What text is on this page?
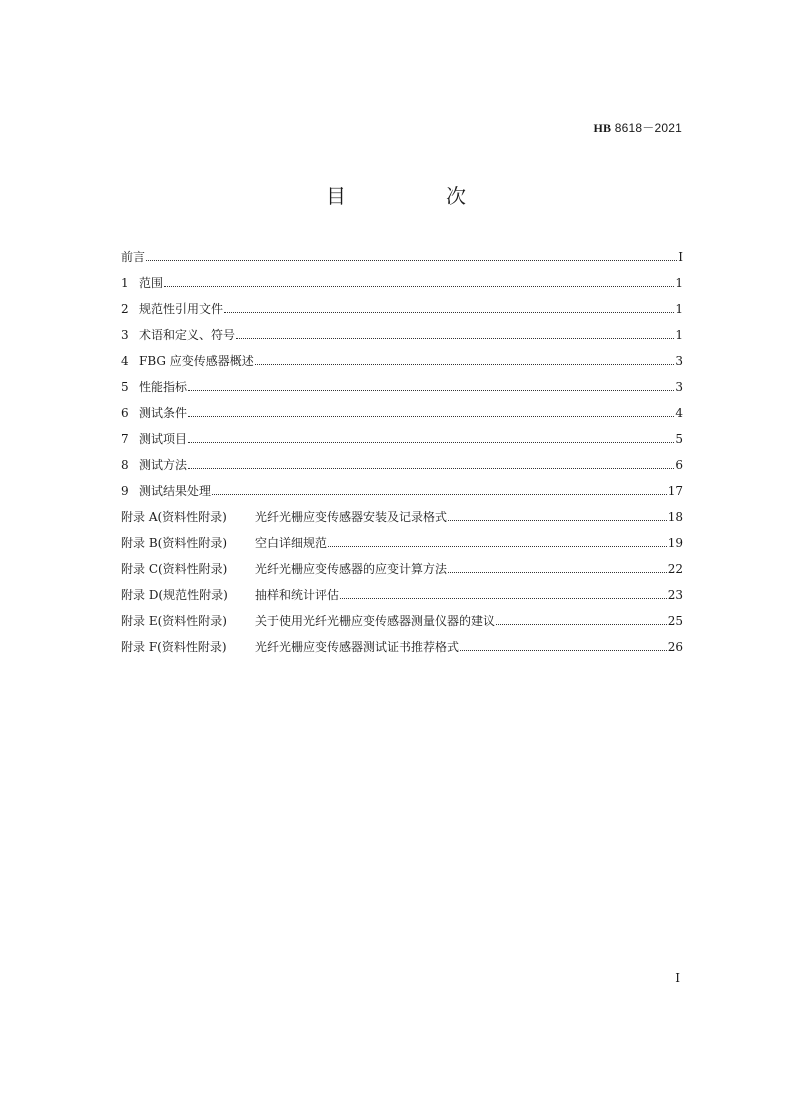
HB 8618－2021
目　次
前言	I
1 范围	1
2 规范性引用文件	1
3 术语和定义、符号	1
4 FBG 应变传感器概述	3
5 性能指标	3
6 测试条件	4
7 测试项目	5
8 测试方法	6
9 测试结果处理	17
附录 A(资料性附录) 光纤光栅应变传感器安装及记录格式	18
附录 B(资料性附录) 空白详细规范	19
附录 C(资料性附录) 光纤光栅应变传感器的应变计算方法	22
附录 D(规范性附录) 抽样和统计评估	23
附录 E(资料性附录) 关于使用光纤光栅应变传感器测量仪器的建议	25
附录 F(资料性附录) 光纤光栅应变传感器测试证书推荐格式	26
I
